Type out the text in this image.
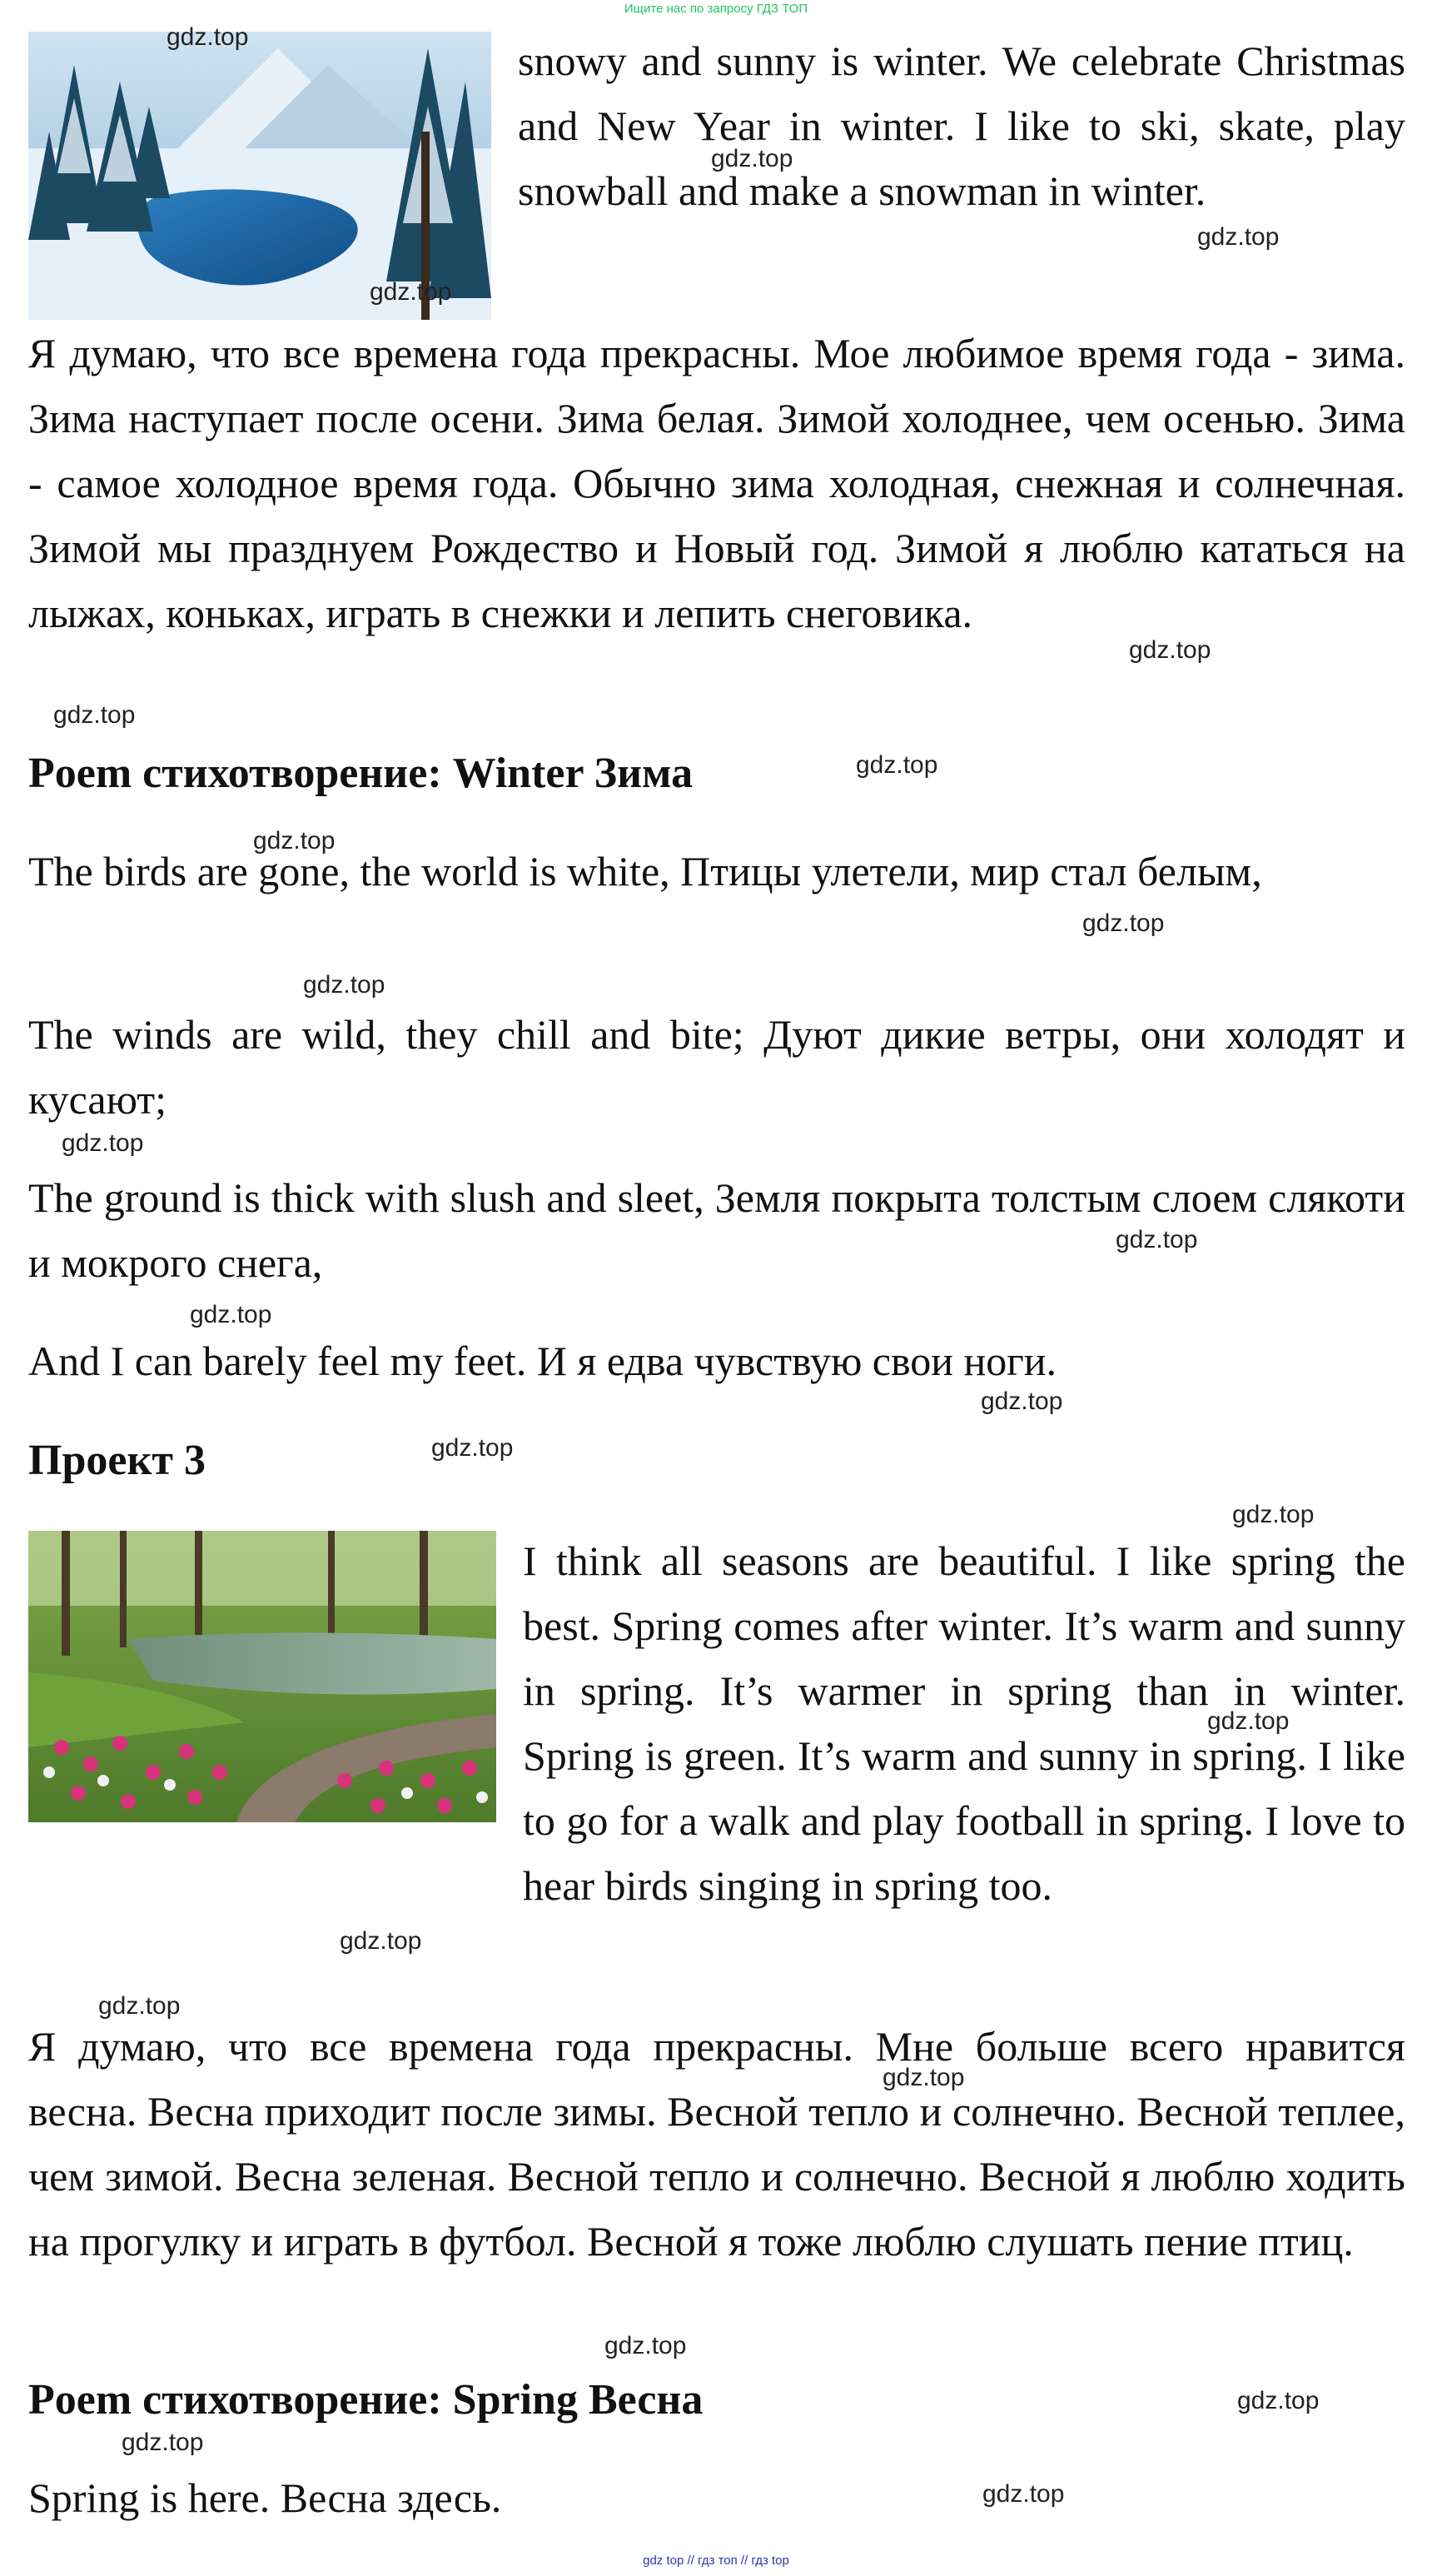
Ищите нас по запросу ГДЗ ТОП
snowy and sunny is winter. We celebrate Christmas and New Year in winter. I like to ski, skate, play snowball and make a snowman in winter.
Я думаю, что все времена года прекрасны. Мое любимое время года - зима. Зима наступает после осени. Зима белая. Зимой холоднее, чем осенью. Зима - самое холодное время года. Обычно зима холодная, снежная и солнечная. Зимой мы празднуем Рождество и Новый год. Зимой я люблю кататься на лыжах, коньках, играть в снежки и лепить снеговика.
Poem стихотворение: Winter Зима
The birds are gone, the world is white, Птицы улетели, мир стал белым,
The winds are wild, they chill and bite; Дуют дикие ветры, они холодят и кусают;
The ground is thick with slush and sleet, Земля покрыта толстым слоем слякоти и мокрого снега,
And I can barely feel my feet. И я едва чувствую свои ноги.
Проект 3
I think all seasons are beautiful. I like spring the best. Spring comes after winter. It’s warm and sunny in spring. It’s warmer in spring than in winter. Spring is green. It’s warm and sunny in spring. I like to go for a walk and play football in spring. I love to hear birds singing in spring too.
Я думаю, что все времена года прекрасны. Мне больше всего нравится весна. Весна приходит после зимы. Весной тепло и солнечно. Весной теплее, чем зимой. Весна зеленая. Весной тепло и солнечно. Весной я люблю ходить на прогулку и играть в футбол. Весной я тоже люблю слушать пение птиц.
Poem стихотворение: Spring Весна
Spring is here. Весна здесь.
gdz.top
gdz.top
gdz.top
gdz.top
gdz.top
gdz.top
gdz.top
gdz.top
gdz.top
gdz.top
gdz.top
gdz.top
gdz.top
gdz.top
gdz.top
gdz.top
gdz.top
gdz.top
gdz.top
gdz.top
gdz.top
gdz.top
gdz.top
gdz.top
gdz top // гдз топ // гдз top
